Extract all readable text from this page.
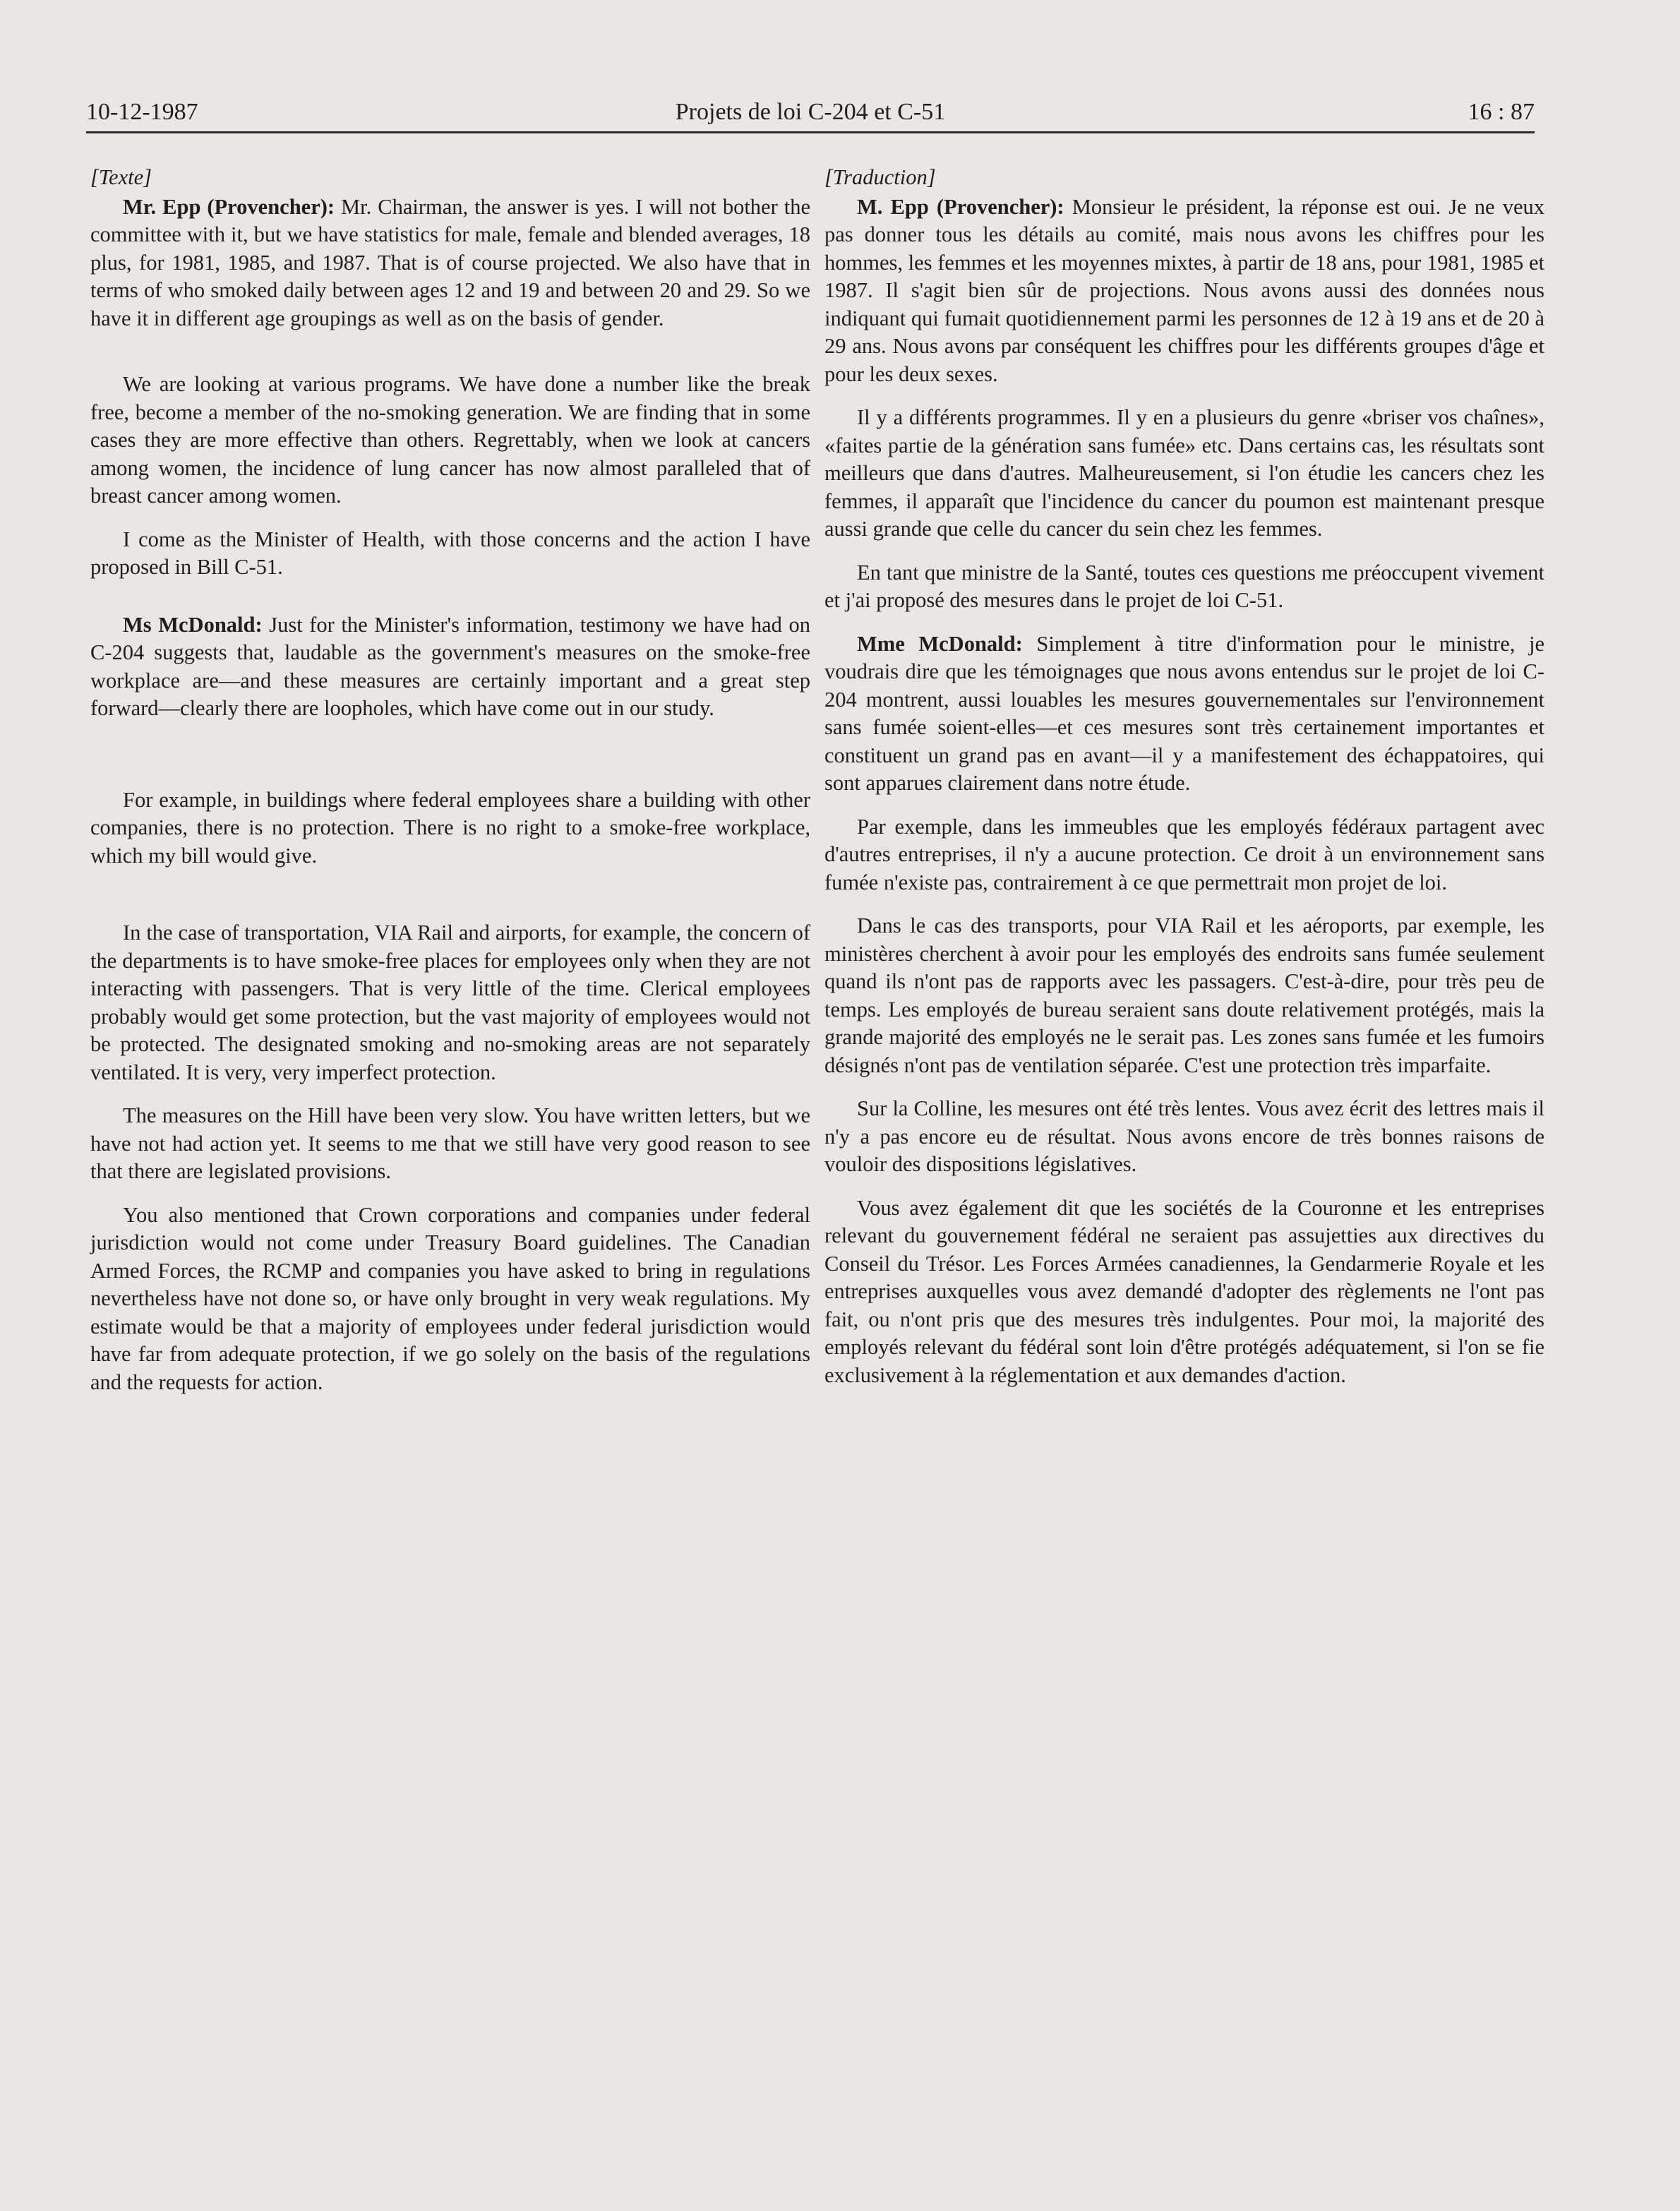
10-12-1987	Projets de loi C-204 et C-51	16 : 87

[Texte]

Mr. Epp (Provencher): Mr. Chairman, the answer is yes. I will not bother the committee with it, but we have statistics for male, female and blended averages, 18 plus, for 1981, 1985, and 1987. That is of course projected. We also have that in terms of who smoked daily between ages 12 and 19 and between 20 and 29. So we have it in different age groupings as well as on the basis of gender.

We are looking at various programs. We have done a number like the break free, become a member of the no-smoking generation. We are finding that in some cases they are more effective than others. Regrettably, when we look at cancers among women, the incidence of lung cancer has now almost paralleled that of breast cancer among women.

I come as the Minister of Health, with those concerns and the action I have proposed in Bill C-51.

Ms McDonald: Just for the Minister's information, testimony we have had on C-204 suggests that, laudable as the government's measures on the smoke-free workplace are—and these measures are certainly important and a great step forward—clearly there are loopholes, which have come out in our study.

For example, in buildings where federal employees share a building with other companies, there is no protection. There is no right to a smoke-free workplace, which my bill would give.

In the case of transportation, VIA Rail and airports, for example, the concern of the departments is to have smoke-free places for employees only when they are not interacting with passengers. That is very little of the time. Clerical employees probably would get some protection, but the vast majority of employees would not be protected. The designated smoking and no-smoking areas are not separately ventilated. It is very, very imperfect protection.

The measures on the Hill have been very slow. You have written letters, but we have not had action yet. It seems to me that we still have very good reason to see that there are legislated provisions.

You also mentioned that Crown corporations and companies under federal jurisdiction would not come under Treasury Board guidelines. The Canadian Armed Forces, the RCMP and companies you have asked to bring in regulations nevertheless have not done so, or have only brought in very weak regulations. My estimate would be that a majority of employees under federal jurisdiction would have far from adequate protection, if we go solely on the basis of the regulations and the requests for action.

[Traduction]

M. Epp (Provencher): Monsieur le président, la réponse est oui. Je ne veux pas donner tous les détails au comité, mais nous avons les chiffres pour les hommes, les femmes et les moyennes mixtes, à partir de 18 ans, pour 1981, 1985 et 1987. Il s'agit bien sûr de projections. Nous avons aussi des données nous indiquant qui fumait quotidiennement parmi les personnes de 12 à 19 ans et de 20 à 29 ans. Nous avons par conséquent les chiffres pour les différents groupes d'âge et pour les deux sexes.

Il y a différents programmes. Il y en a plusieurs du genre «briser vos chaînes», «faites partie de la génération sans fumée» etc. Dans certains cas, les résultats sont meilleurs que dans d'autres. Malheureusement, si l'on étudie les cancers chez les femmes, il apparaît que l'incidence du cancer du poumon est maintenant presque aussi grande que celle du cancer du sein chez les femmes.

En tant que ministre de la Santé, toutes ces questions me préoccupent vivement et j'ai proposé des mesures dans le projet de loi C-51.

Mme McDonald: Simplement à titre d'information pour le ministre, je voudrais dire que les témoignages que nous avons entendus sur le projet de loi C-204 montrent, aussi louables les mesures gouvernementales sur l'environnement sans fumée soient-elles—et ces mesures sont très certainement importantes et constituent un grand pas en avant—il y a manifestement des échappatoires, qui sont apparues clairement dans notre étude.

Par exemple, dans les immeubles que les employés fédéraux partagent avec d'autres entreprises, il n'y a aucune protection. Ce droit à un environnement sans fumée n'existe pas, contrairement à ce que permettrait mon projet de loi.

Dans le cas des transports, pour VIA Rail et les aéroports, par exemple, les ministères cherchent à avoir pour les employés des endroits sans fumée seulement quand ils n'ont pas de rapports avec les passagers. C'est-à-dire, pour très peu de temps. Les employés de bureau seraient sans doute relativement protégés, mais la grande majorité des employés ne le serait pas. Les zones sans fumée et les fumoirs désignés n'ont pas de ventilation séparée. C'est une protection très imparfaite.

Sur la Colline, les mesures ont été très lentes. Vous avez écrit des lettres mais il n'y a pas encore eu de résultat. Nous avons encore de très bonnes raisons de vouloir des dispositions législatives.

Vous avez également dit que les sociétés de la Couronne et les entreprises relevant du gouvernement fédéral ne seraient pas assujetties aux directives du Conseil du Trésor. Les Forces Armées canadiennes, la Gendarmerie Royale et les entreprises auxquelles vous avez demandé d'adopter des règlements ne l'ont pas fait, ou n'ont pris que des mesures très indulgentes. Pour moi, la majorité des employés relevant du fédéral sont loin d'être protégés adéquatement, si l'on se fie exclusivement à la réglementation et aux demandes d'action.
